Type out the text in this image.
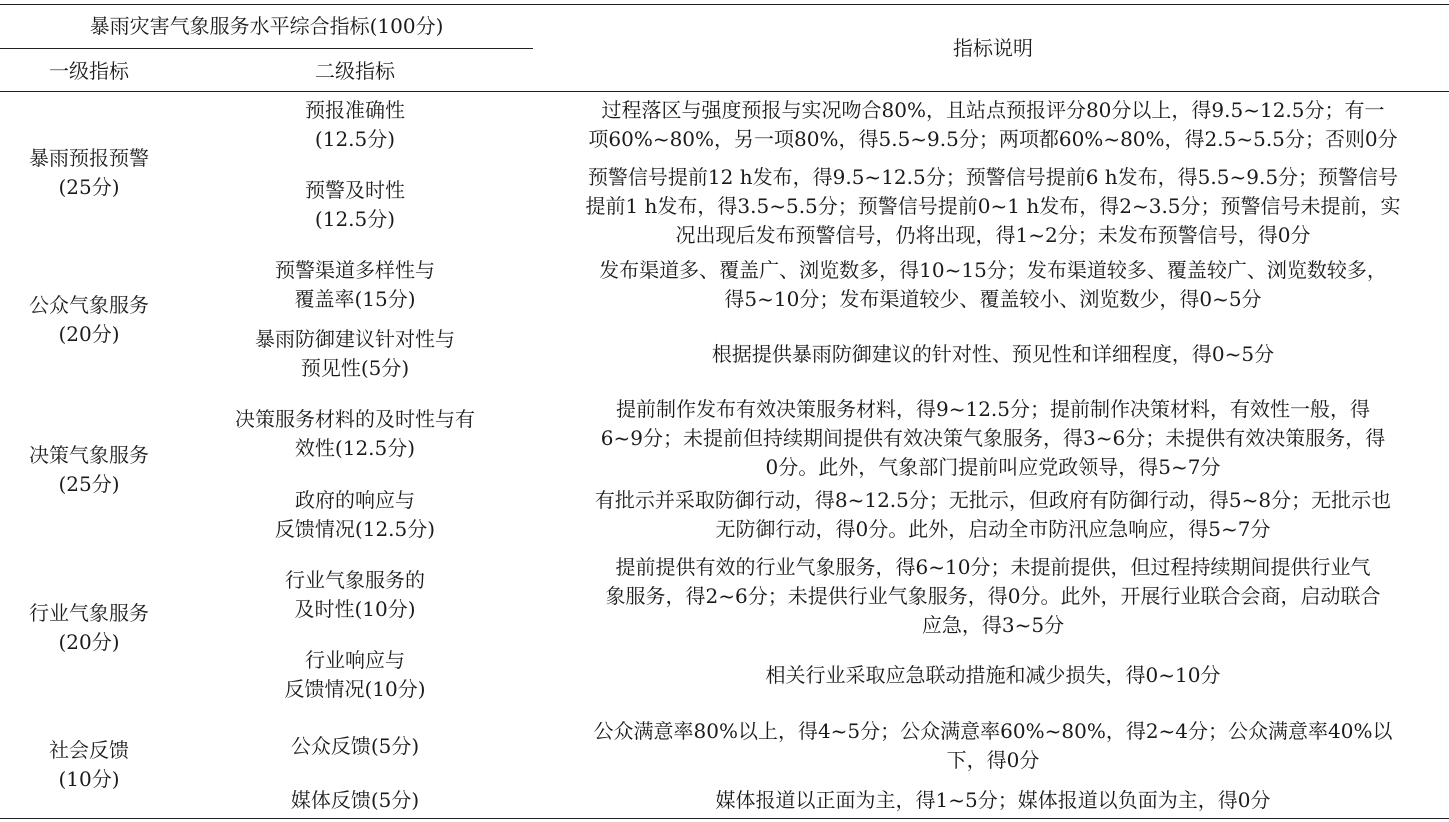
暴雨灾害气象服务水平综合指标(100分)
一级指标	二级指标
指标说明
暴雨预报预警
(25分)
预报准确性
(12.5分)
过程落区与强度预报与实况吻合80%，且站点预报评分80分以上，得9.5~12.5分；有一
项60%~80%，另一项80%，得5.5~9.5分；两项都60%~80%，得2.5~5.5分；否则0分
预警及时性
(12.5分)
预警信号提前12 h发布，得9.5~12.5分；预警信号提前6 h发布，得5.5~9.5分；预警信号
提前1 h发布，得3.5~5.5分；预警信号提前0~1 h发布，得2~3.5分；预警信号未提前，实
况出现后发布预警信号，仍将出现，得1~2分；未发布预警信号，得0分
公众气象服务
(20分)
预警渠道多样性与
覆盖率(15分)
发布渠道多、覆盖广、浏览数多，得10~15分；发布渠道较多、覆盖较广、浏览数较多，
得5~10分；发布渠道较少、覆盖较小、浏览数少，得0~5分
暴雨防御建议针对性与
预见性(5分)
根据提供暴雨防御建议的针对性、预见性和详细程度，得0~5分
决策气象服务
(25分)
决策服务材料的及时性与有
效性(12.5分)
提前制作发布有效决策服务材料，得9~12.5分；提前制作决策材料，有效性一般，得
6~9分；未提前但持续期间提供有效决策气象服务，得3~6分；未提供有效决策服务，得
0分。此外，气象部门提前叫应党政领导，得5~7分
政府的响应与
反馈情况(12.5分)
有批示并采取防御行动，得8~12.5分；无批示，但政府有防御行动，得5~8分；无批示也
无防御行动，得0分。此外，启动全市防汛应急响应，得5~7分
行业气象服务
(20分)
行业气象服务的
及时性(10分)
提前提供有效的行业气象服务，得6~10分；未提前提供，但过程持续期间提供行业气
象服务，得2~6分；未提供行业气象服务，得0分。此外，开展行业联合会商，启动联合
应急，得3~5分
行业响应与
反馈情况(10分)
相关行业采取应急联动措施和减少损失，得0~10分
社会反馈
(10分)
公众反馈(5分)
公众满意率80%以上，得4~5分；公众满意率60%~80%，得2~4分；公众满意率40%以
下，得0分
媒体反馈(5分)	媒体报道以正面为主，得1~5分；媒体报道以负面为主，得0分
